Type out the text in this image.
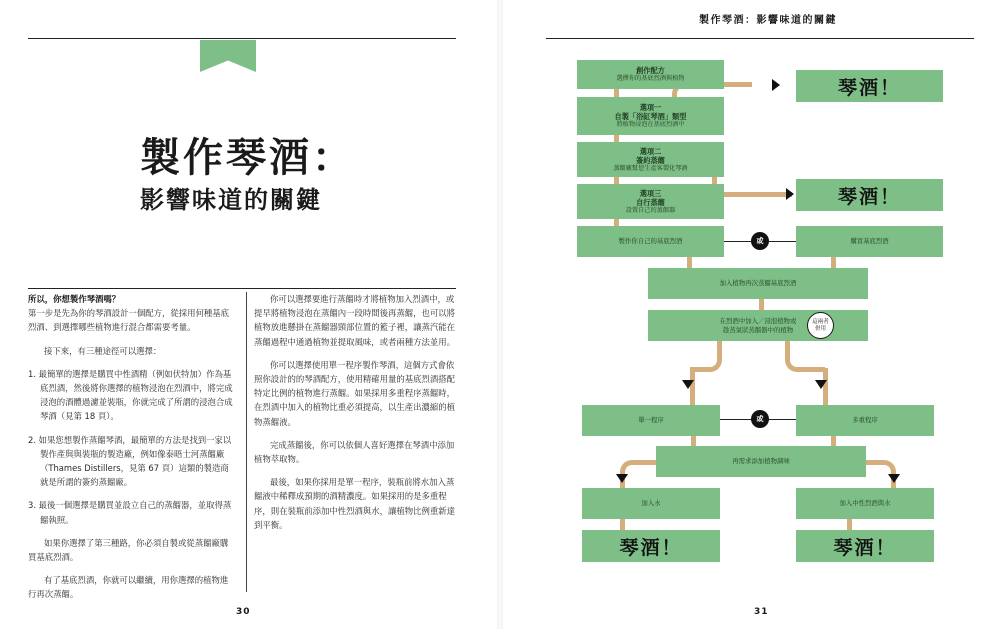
製作琴酒：
影響味道的關鍵

所以，你想製作琴酒嗎？

第一步是先為你的琴酒設計一個配方，從採用何種基底烈酒、到選擇哪些植物進行混合都需要考量。

接下來，有三種途徑可以選擇：

1. 最簡單的選擇是購買中性酒精（例如伏特加）作為基底烈酒，然後將你選擇的植物浸泡在烈酒中，將完成浸泡的酒體過濾並裝瓶，你就完成了所謂的浸泡合成琴酒（見第 18 頁）。

2. 如果您想製作蒸餾琴酒，最簡單的方法是找到一家以製作產與與裝瓶的製造廠，例如像泰晤士河蒸餾廠（Thames Distillers，見第 67 頁）這類的製造商就是所謂的簽約蒸餾廠。

3. 最後一個選擇是購買並設立自己的蒸餾器，並取得蒸餾執照。

如果你選擇了第三種路，你必須自製或從蒸餾廠購買基底烈酒。

有了基底烈酒，你就可以繼續，用你選擇的植物進行再次蒸餾。

你可以選擇要進行蒸餾時才將植物加入烈酒中，或提早將植物浸泡在蒸餾內一段時間後再蒸餾，也可以將植物放進懸掛在蒸餾器頸部位置的籃子裡，讓蒸汽能在蒸餾過程中通過植物並提取風味，或者兩種方法並用。

你可以選擇使用單一程序製作琴酒，這個方式會依照你設計的的琴酒配方，使用精確用量的基底烈酒搭配特定比例的植物進行蒸餾。如果採用多重程序蒸餾時，在烈酒中加入的植物比重必須提高，以生產出濃縮的植物蒸餾液。

完成蒸餾後，你可以依個人喜好選擇在琴酒中添加植物萃取物。

最後，如果你採用是單一程序，裝瓶前將水加入蒸餾液中稀釋成預期的酒精濃度。如果採用的是多重程序，則在裝瓶前添加中性烈酒與水，讓植物比例重新達到平衡。

30
製作琴酒：影響味道的關鍵
創作配方
選擇你的基底烈酒與植物
選項一
自製「浴缸琴酒」類型
將植物浸泡在基底烈酒中
選項二
簽約蒸餾
蒸餾廠幫您生產客製化琴酒
選項三
自行蒸餾
設置自己的蒸餾器
琴酒！
琴酒！
製作你自己的基底烈酒	或	購買基底烈酒
加入植物再次蒸餾基底烈酒
在烈酒中加入／浸泡植物或
趁蒸氣狀蒸餾器中的植物
這兩者
併用
單一程序	或	多重程序
再需求添加植物調味
加入水	加入中性烈酒與水
琴酒！	琴酒！
31
